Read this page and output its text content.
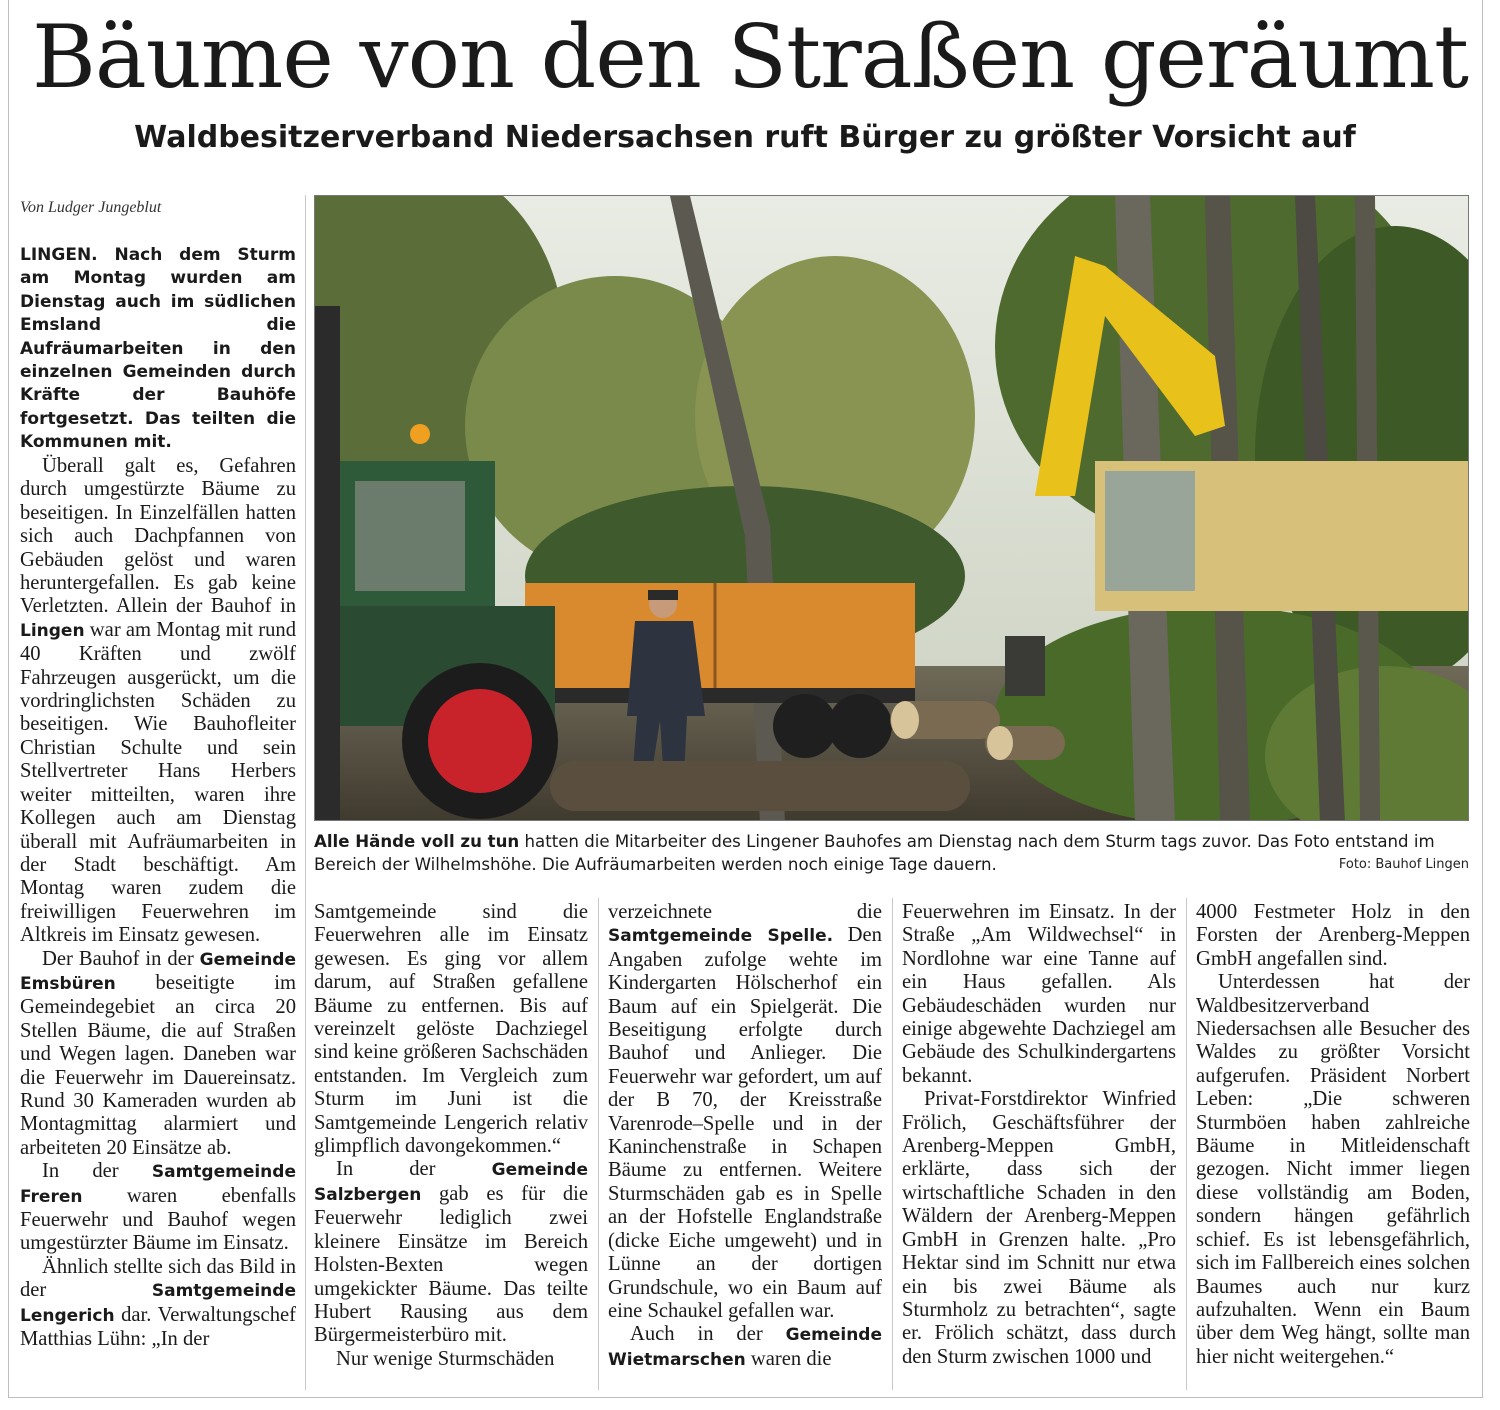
Bäume von den Straßen geräumt
Waldbesitzerverband Niedersachsen ruft Bürger zu größter Vorsicht auf
Von Ludger Jungeblut
LINGEN. Nach dem Sturm am Montag wurden am Dienstag auch im südlichen Emsland die Aufräumarbeiten in den einzelnen Gemeinden durch Kräfte der Bauhöfe fortgesetzt. Das teilten die Kommunen mit.

Überall galt es, Gefahren durch umgestürzte Bäume zu beseitigen. In Einzelfällen hatten sich auch Dachpfannen von Gebäuden gelöst und waren heruntergefallen. Es gab keine Verletzten. Allein der Bauhof in Lingen war am Montag mit rund 40 Kräften und zwölf Fahrzeugen ausgerückt, um die vordringlichsten Schäden zu beseitigen. Wie Bauhofleiter Christian Schulte und sein Stellvertreter Hans Herbers weiter mitteilten, waren ihre Kollegen auch am Dienstag überall mit Aufräumarbeiten in der Stadt beschäftigt. Am Montag waren zudem die freiwilligen Feuerwehren im Altkreis im Einsatz gewesen.

Der Bauhof in der Gemeinde Emsbüren beseitigte im Gemeindegebiet an circa 20 Stellen Bäume, die auf Straßen und Wegen lagen. Daneben war die Feuerwehr im Dauereinsatz. Rund 30 Kameraden wurden ab Montagmittag alarmiert und arbeiteten 20 Einsätze ab.

In der Samtgemeinde Freren waren ebenfalls Feuerwehr und Bauhof wegen umgestürzter Bäume im Einsatz.

Ähnlich stellte sich das Bild in der Samtgemeinde Lengerich dar. Verwaltungschef Matthias Lühn: „In der

Alle Hände voll zu tun hatten die Mitarbeiter des Lingener Bauhofes am Dienstag nach dem Sturm tags zuvor. Das Foto entstand im Bereich der Wilhelmshöhe. Die Aufräumarbeiten werden noch einige Tage dauern.	Foto: Bauhof Lingen

Samtgemeinde sind die Feuerwehren alle im Einsatz gewesen. Es ging vor allem darum, auf Straßen gefallene Bäume zu entfernen. Bis auf vereinzelt gelöste Dachziegel sind keine größeren Sachschäden entstanden. Im Vergleich zum Sturm im Juni ist die Samtgemeinde Lengerich relativ glimpflich davongekommen.“

In der Gemeinde Salzbergen gab es für die Feuerwehr lediglich zwei kleinere Einsätze im Bereich Holsten-Bexten wegen umgekickter Bäume. Das teilte Hubert Rausing aus dem Bürgermeisterbüro mit.

Nur wenige Sturmschäden

verzeichnete die Samtgemeinde Spelle. Den Angaben zufolge wehte im Kindergarten Hölscherhof ein Baum auf ein Spielgerät. Die Beseitigung erfolgte durch Bauhof und Anlieger. Die Feuerwehr war gefordert, um auf der B 70, der Kreisstraße Varenrode–Spelle und in der Kaninchenstraße in Schapen Bäume zu entfernen. Weitere Sturmschäden gab es in Spelle an der Hofstelle Englandstraße (dicke Eiche umgeweht) und in Lünne an der dortigen Grundschule, wo ein Baum auf eine Schaukel gefallen war.

Auch in der Gemeinde Wietmarschen waren die

Feuerwehren im Einsatz. In der Straße „Am Wildwechsel“ in Nordlohne war eine Tanne auf ein Haus gefallen. Als Gebäudeschäden wurden nur einige abgewehte Dachziegel am Gebäude des Schulkindergartens bekannt.

Privat-Forstdirektor Winfried Frölich, Geschäftsführer der Arenberg-Meppen GmbH, erklärte, dass sich der wirtschaftliche Schaden in den Wäldern der Arenberg-Meppen GmbH in Grenzen halte. „Pro Hektar sind im Schnitt nur etwa ein bis zwei Bäume als Sturmholz zu betrachten“, sagte er. Frölich schätzt, dass durch den Sturm zwischen 1000 und

4000 Festmeter Holz in den Forsten der Arenberg-Meppen GmbH angefallen sind.

Unterdessen hat der Waldbesitzerverband Niedersachsen alle Besucher des Waldes zu größter Vorsicht aufgerufen. Präsident Norbert Leben: „Die schweren Sturmböen haben zahlreiche Bäume in Mitleidenschaft gezogen. Nicht immer liegen diese vollständig am Boden, sondern hängen gefährlich schief. Es ist lebensgefährlich, sich im Fallbereich eines solchen Baumes auch nur kurz aufzuhalten. Wenn ein Baum über dem Weg hängt, sollte man hier nicht weitergehen.“
